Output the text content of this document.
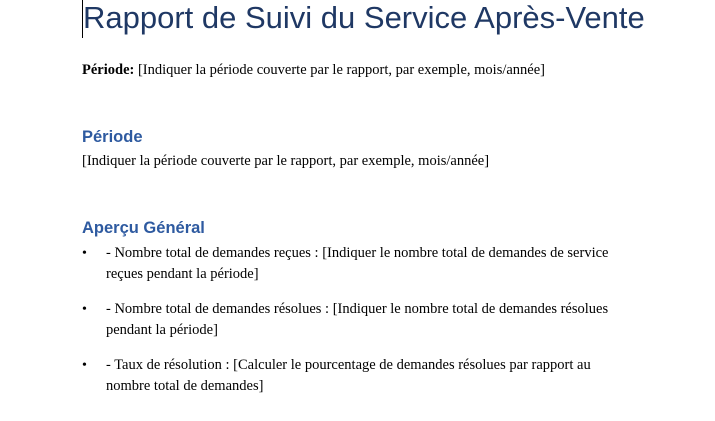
Rapport de Suivi du Service Après-Vente
Période: [Indiquer la période couverte par le rapport, par exemple, mois/année]
Période
[Indiquer la période couverte par le rapport, par exemple, mois/année]
Aperçu Général
• - Nombre total de demandes reçues : [Indiquer le nombre total de demandes de service
reçues pendant la période]
• - Nombre total de demandes résolues : [Indiquer le nombre total de demandes résolues
pendant la période]
• - Taux de résolution : [Calculer le pourcentage de demandes résolues par rapport au
nombre total de demandes]
